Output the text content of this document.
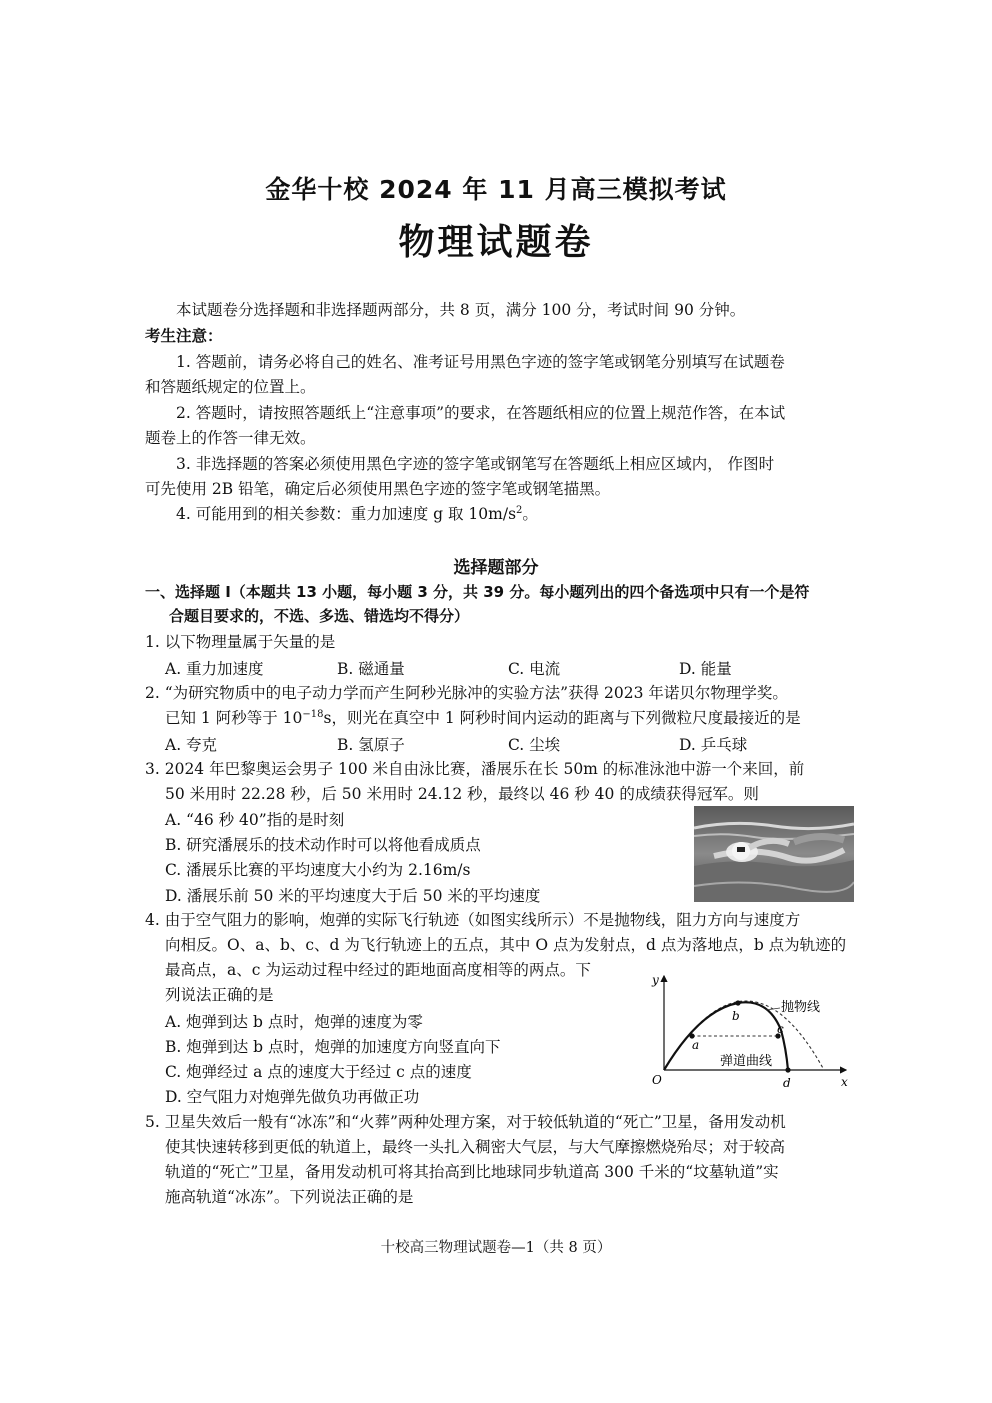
金华十校 2024 年 11 月高三模拟考试
物理试题卷
本试题卷分选择题和非选择题两部分，共 8 页，满分 100 分，考试时间 90 分钟。
考生注意：
1. 答题前，请务必将自己的姓名、准考证号用黑色字迹的签字笔或钢笔分别填写在试题卷
和答题纸规定的位置上。
2. 答题时，请按照答题纸上“注意事项”的要求，在答题纸相应的位置上规范作答，在本试
题卷上的作答一律无效。
3. 非选择题的答案必须使用黑色字迹的签字笔或钢笔写在答题纸上相应区域内， 作图时
可先使用 2B 铅笔，确定后必须使用黑色字迹的签字笔或钢笔描黑。
4. 可能用到的相关参数：重力加速度 g 取 $10m/s^2$。
选择题部分
一、选择题 Ⅰ（本题共 13 小题，每小题 3 分，共 39 分。每小题列出的四个备选项中只有一个是符
合题目要求的，不选、多选、错选均不得分）
1. 以下物理量属于矢量的是
A. 重力加速度	B. 磁通量	C. 电流	D. 能量
2. “为研究物质中的电子动力学而产生阿秒光脉冲的实验方法”获得 2023 年诺贝尔物理学奖。
已知 1 阿秒等于 $10^{-18}s$，则光在真空中 1 阿秒时间内运动的距离与下列微粒尺度最接近的是
A. 夸克	B. 氢原子	C. 尘埃	D. 乒乓球
3. 2024 年巴黎奥运会男子 100 米自由泳比赛，潘展乐在长 50m 的标准泳池中游一个来回，前
50 米用时 22.28 秒，后 50 米用时 24.12 秒，最终以 46 秒 40 的成绩获得冠军。则
A. “46 秒 40”指的是时刻
B. 研究潘展乐的技术动作时可以将他看成质点
C. 潘展乐比赛的平均速度大小约为 2.16m/s
D. 潘展乐前 50 米的平均速度大于后 50 米的平均速度
4. 由于空气阻力的影响，炮弹的实际飞行轨迹（如图实线所示）不是抛物线，阻力方向与速度方
向相反。O、a、b、c、d 为飞行轨迹上的五点，其中 O 点为发射点，d 点为落地点，b 点为轨迹的
最高点，a、c 为运动过程中经过的距地面高度相等的两点。下
列说法正确的是
A. 炮弹到达 b 点时，炮弹的速度为零
B. 炮弹到达 b 点时，炮弹的加速度方向竖直向下
C. 炮弹经过 a 点的速度大于经过 c 点的速度
D. 空气阻力对炮弹先做负功再做正功
y
x
O
a
b
c
d
抛物线
弹道曲线
5. 卫星失效后一般有“冰冻”和“火葬”两种处理方案，对于较低轨道的“死亡”卫星，备用发动机
使其快速转移到更低的轨道上，最终一头扎入稠密大气层，与大气摩擦燃烧殆尽；对于较高
轨道的“死亡”卫星，备用发动机可将其抬高到比地球同步轨道高 300 千米的“坟墓轨道”实
施高轨道“冰冻”。下列说法正确的是
十校高三物理试题卷—1（共 8 页）
